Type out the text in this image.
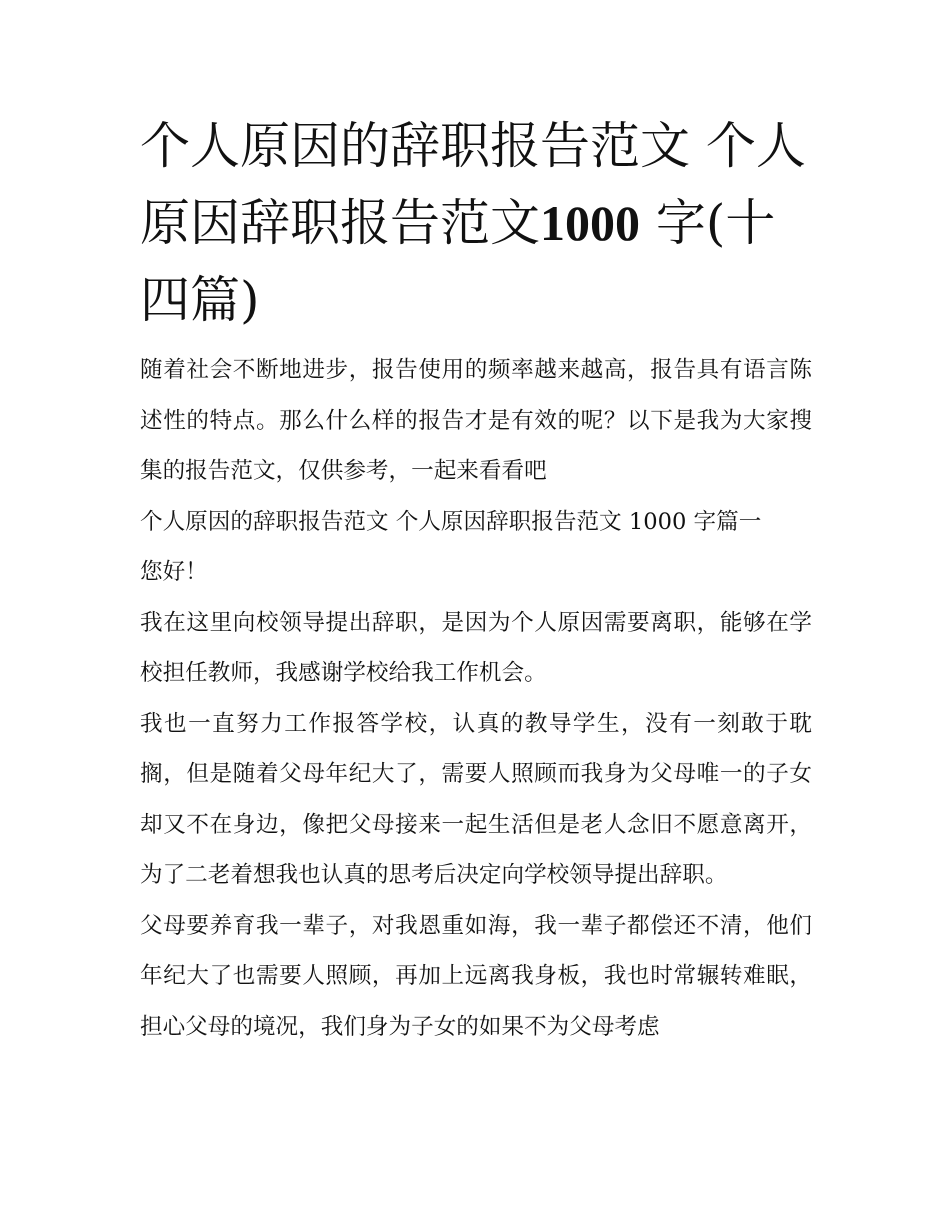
个人原因的辞职报告范文 个人原因辞职报告范文1000 字(十四篇)

随着社会不断地进步，报告使用的频率越来越高，报告具有语言陈述性的特点。那么什么样的报告才是有效的呢？以下是我为大家搜集的报告范文，仅供参考，一起来看看吧

个人原因的辞职报告范文 个人原因辞职报告范文 1000 字篇一

您好！

我在这里向校领导提出辞职，是因为个人原因需要离职，能够在学校担任教师，我感谢学校给我工作机会。

我也一直努力工作报答学校，认真的教导学生，没有一刻敢于耽搁，但是随着父母年纪大了，需要人照顾而我身为父母唯一的子女却又不在身边，像把父母接来一起生活但是老人念旧不愿意离开，为了二老着想我也认真的思考后决定向学校领导提出辞职。

父母要养育我一辈子，对我恩重如海，我一辈子都偿还不清，他们年纪大了也需要人照顾，再加上远离我身板，我也时常辗转难眠，担心父母的境况，我们身为子女的如果不为父母考虑
